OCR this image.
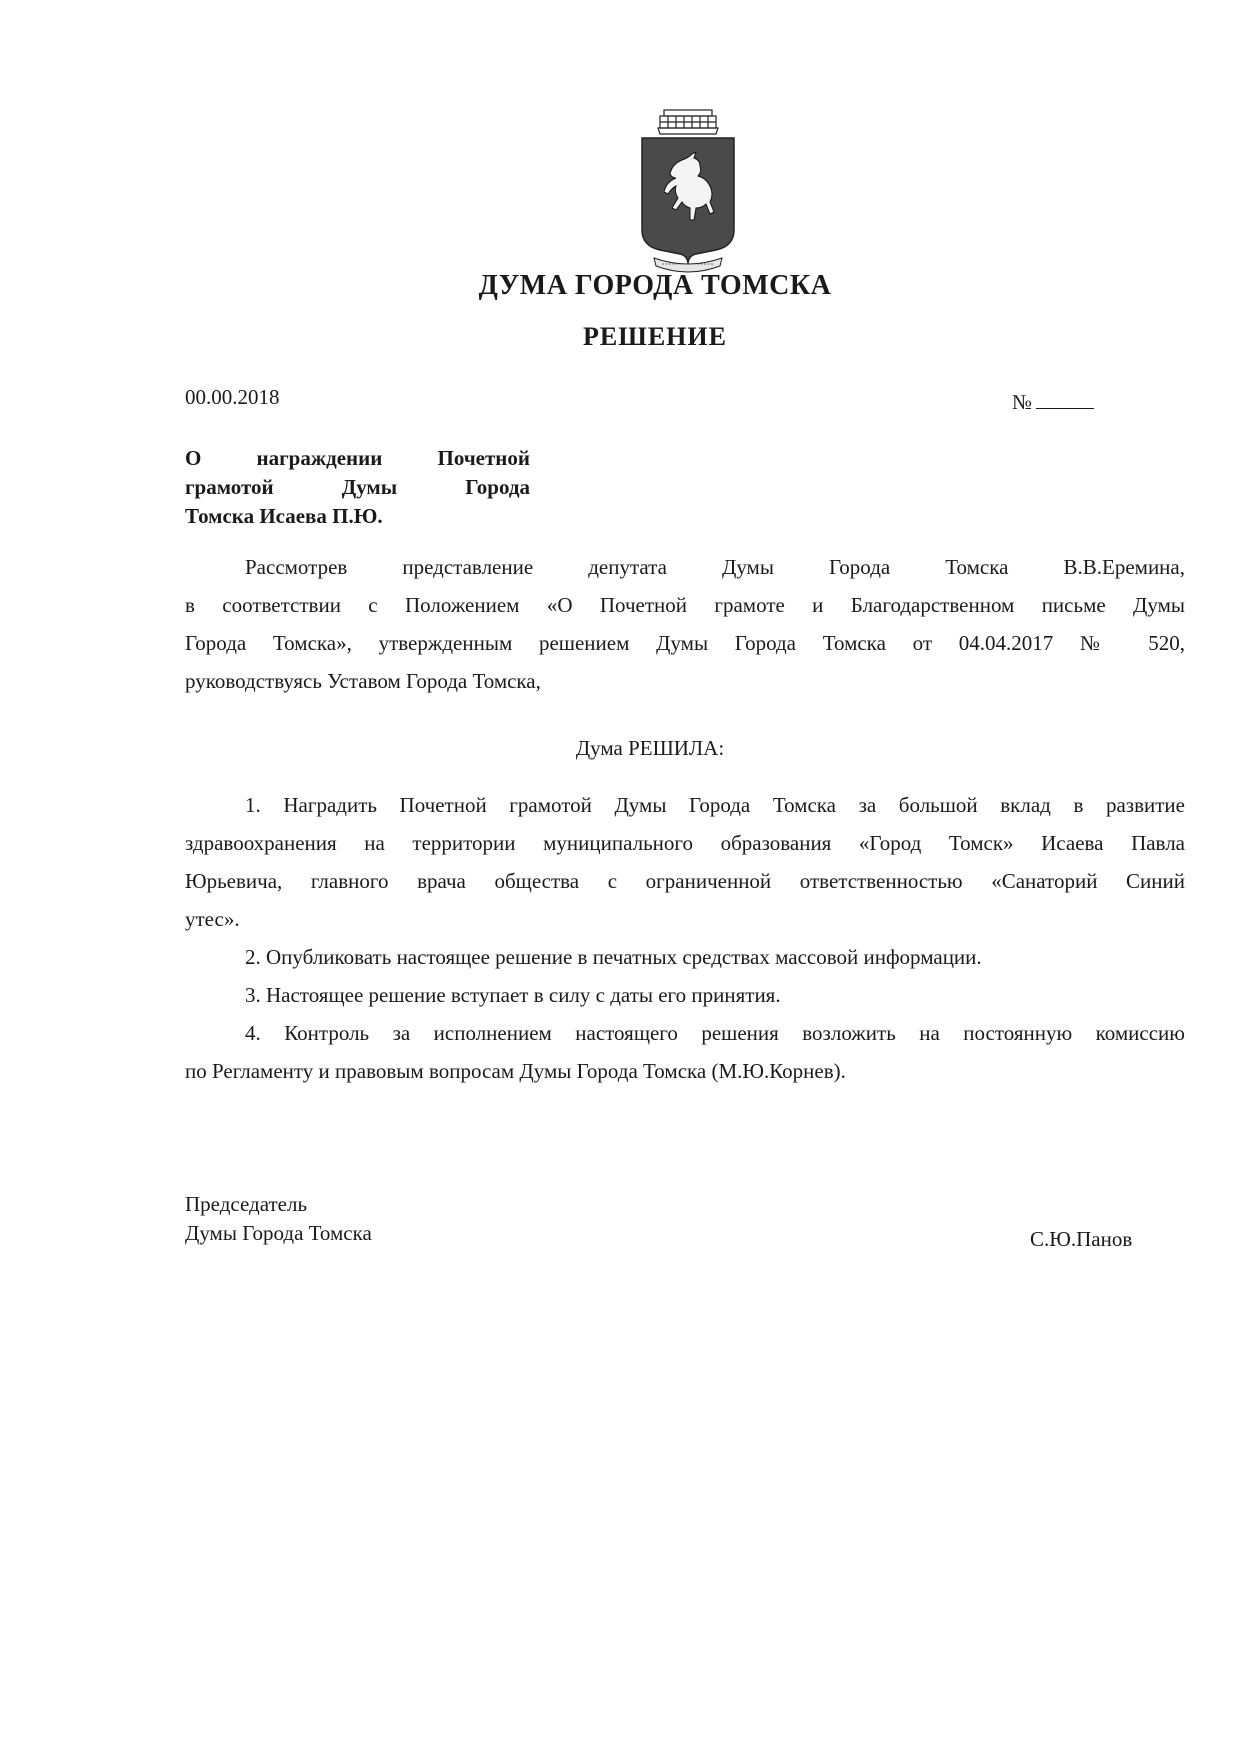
ДУМА ГОРОДА ТОМСКА
РЕШЕНИЕ
00.00.2018	№
О награждении Почетной
грамотой Думы Города
Томска Исаева П.Ю.
Рассмотрев представление депутата Думы Города Томска В.В.Еремина,
в соответствии с Положением «О Почетной грамоте и Благодарственном письме Думы
Города Томска», утвержденным решением Думы Города Томска от 04.04.2017 № 520,
руководствуясь Уставом Города Томска,
Дума РЕШИЛА:
1. Наградить Почетной грамотой Думы Города Томска за большой вклад в развитие
здравоохранения на территории муниципального образования «Город Томск» Исаева Павла
Юрьевича, главного врача общества с ограниченной ответственностью «Санаторий Синий
утес».
2. Опубликовать настоящее решение в печатных средствах массовой информации.
3. Настоящее решение вступает в силу с даты его принятия.
4. Контроль за исполнением настоящего решения возложить на постоянную комиссию
по Регламенту и правовым вопросам Думы Города Томска (М.Ю.Корнев).
Председатель
Думы Города Томска	С.Ю.Панов
